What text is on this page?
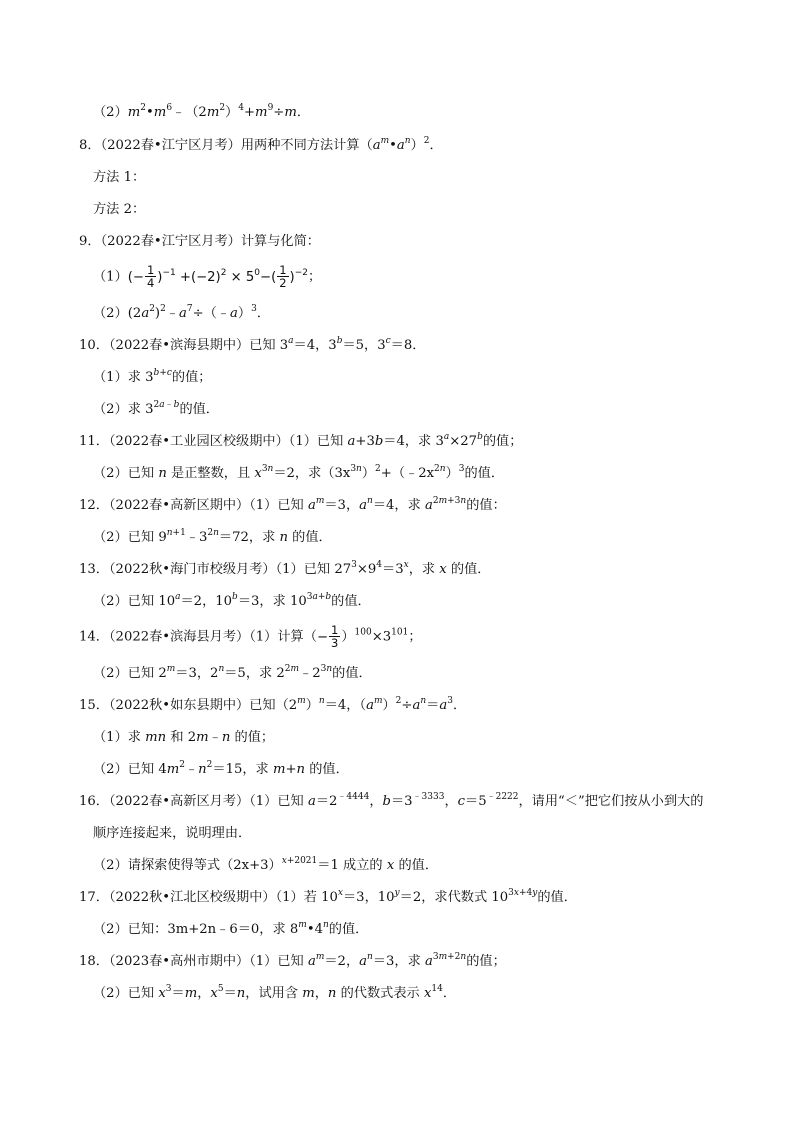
$(2)m^2•m^6﹣(2m^2)^4+m^9\div m$．
8．（2022春•江宁区月考）用两种不同方法计算$(a^m•a^n)^2$．
方法 1：
方法 2：
9．（2022春•江宁区月考）计算与化简：
$(1)(- \frac{1}{4} )^{-1} +(-2)^2 \times 5^0-( \frac{1}{2} )^{-2}$；
$(2)(2a^2)^2﹣a^7\div(﹣a)^3$．
10．（2022春•滨海县期中）已知 $3^a=4$，$3^b=5$，$3^c=8$．
（1）求 $3^{b+c}$的值；
（2）求 $3^{2a﹣b}$的值．
11．（2022春•工业园区校级期中）（1）已知 a+3b＝4，求 $3^a\times 27^b$的值；
（2）已知 n 是正整数，且 $x^{3n}=2$，求$(3x^{3n})^2+(﹣2x^{2n})^3$的值．
12．（2022春•高新区期中）（1）已知 $a^m=3$，$a^n=4$，求 $a^{2m+3n}$的值：
（2）已知 $9^{n+1}﹣3^{2n}=72$，求 n 的值．
13．（2022秋•海门市校级月考）（1）已知 $27^3\times 9^4=3^x$，求 x 的值．
（2）已知 $10^a=2$，$10^b=3$，求 $10^{3a+b}$的值．
14．（2022春•滨海县月考）（1）计算（− $\frac{1}{3} )^{100}\times 3^{101}$；
（2）已知 $2^m=3$，$2^n=5$，求 $2^{2m}﹣2^{3n}$的值．
15．（2022秋•如东县期中）已知$(2^m)^n=4$，$(a^m)^2\div a^n=a^3$．
（1）求 mn 和 2m﹣n 的值；
（2）已知 $4m^2﹣n^2=15$，求 m+n 的值．
16．（2022春•高新区月考）（1）已知 $a=2^{﹣4444}$，$b=3^{﹣3333}$，$c=5^{﹣2222}$，请用“＜”把它们按从小到大的
顺序连接起来，说明理由．
（2）请探索使得等式$(2x+3)^{x+2021}=1$ 成立的 x 的值．
17．（2022秋•江北区校级期中）（1）若 $10^x=3$，$10^y=2$，求代数式 $10^{3x+4y}$的值．
（2）已知：3m+2n﹣6＝0，求 8$^m$•4$^n$的值．
18．（2023春•高州市期中）（1）已知 $a^m=2$，$a^n=3$，求 $a^{3m+2n}$的值；
（2）已知 $x^3=m$，$x^5=n$，试用含 m，n 的代数式表示 $x^{14}$．
